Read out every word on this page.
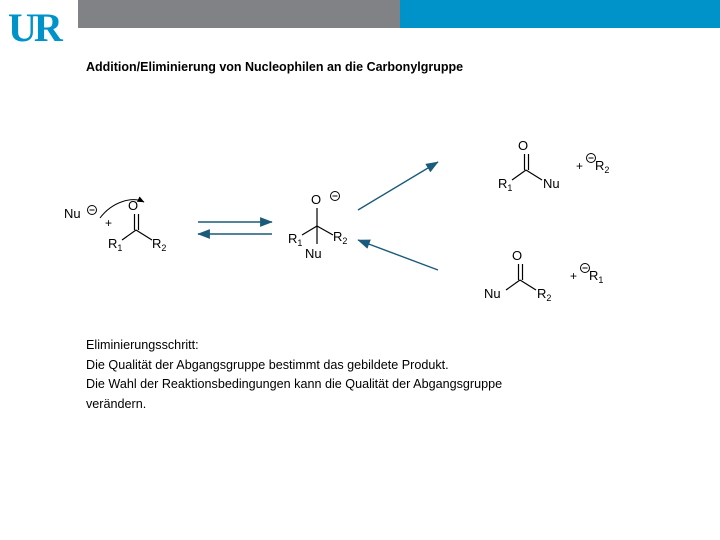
UR
Addition/Eliminierung von Nucleophilen an die Carbonylgruppe
Nu
+
O
$R_1$ $R_2$
O
$R_1$ $R_2$
Nu
O
$R_1$ Nu
+ $R_2$
O
Nu	$R_2$
+ $R_1$
Eliminierungsschritt:
Die Qualität der Abgangsgruppe bestimmt das gebildete Produkt.
Die Wahl der Reaktionsbedingungen kann die Qualität der Abgangsgruppe
verändern.
